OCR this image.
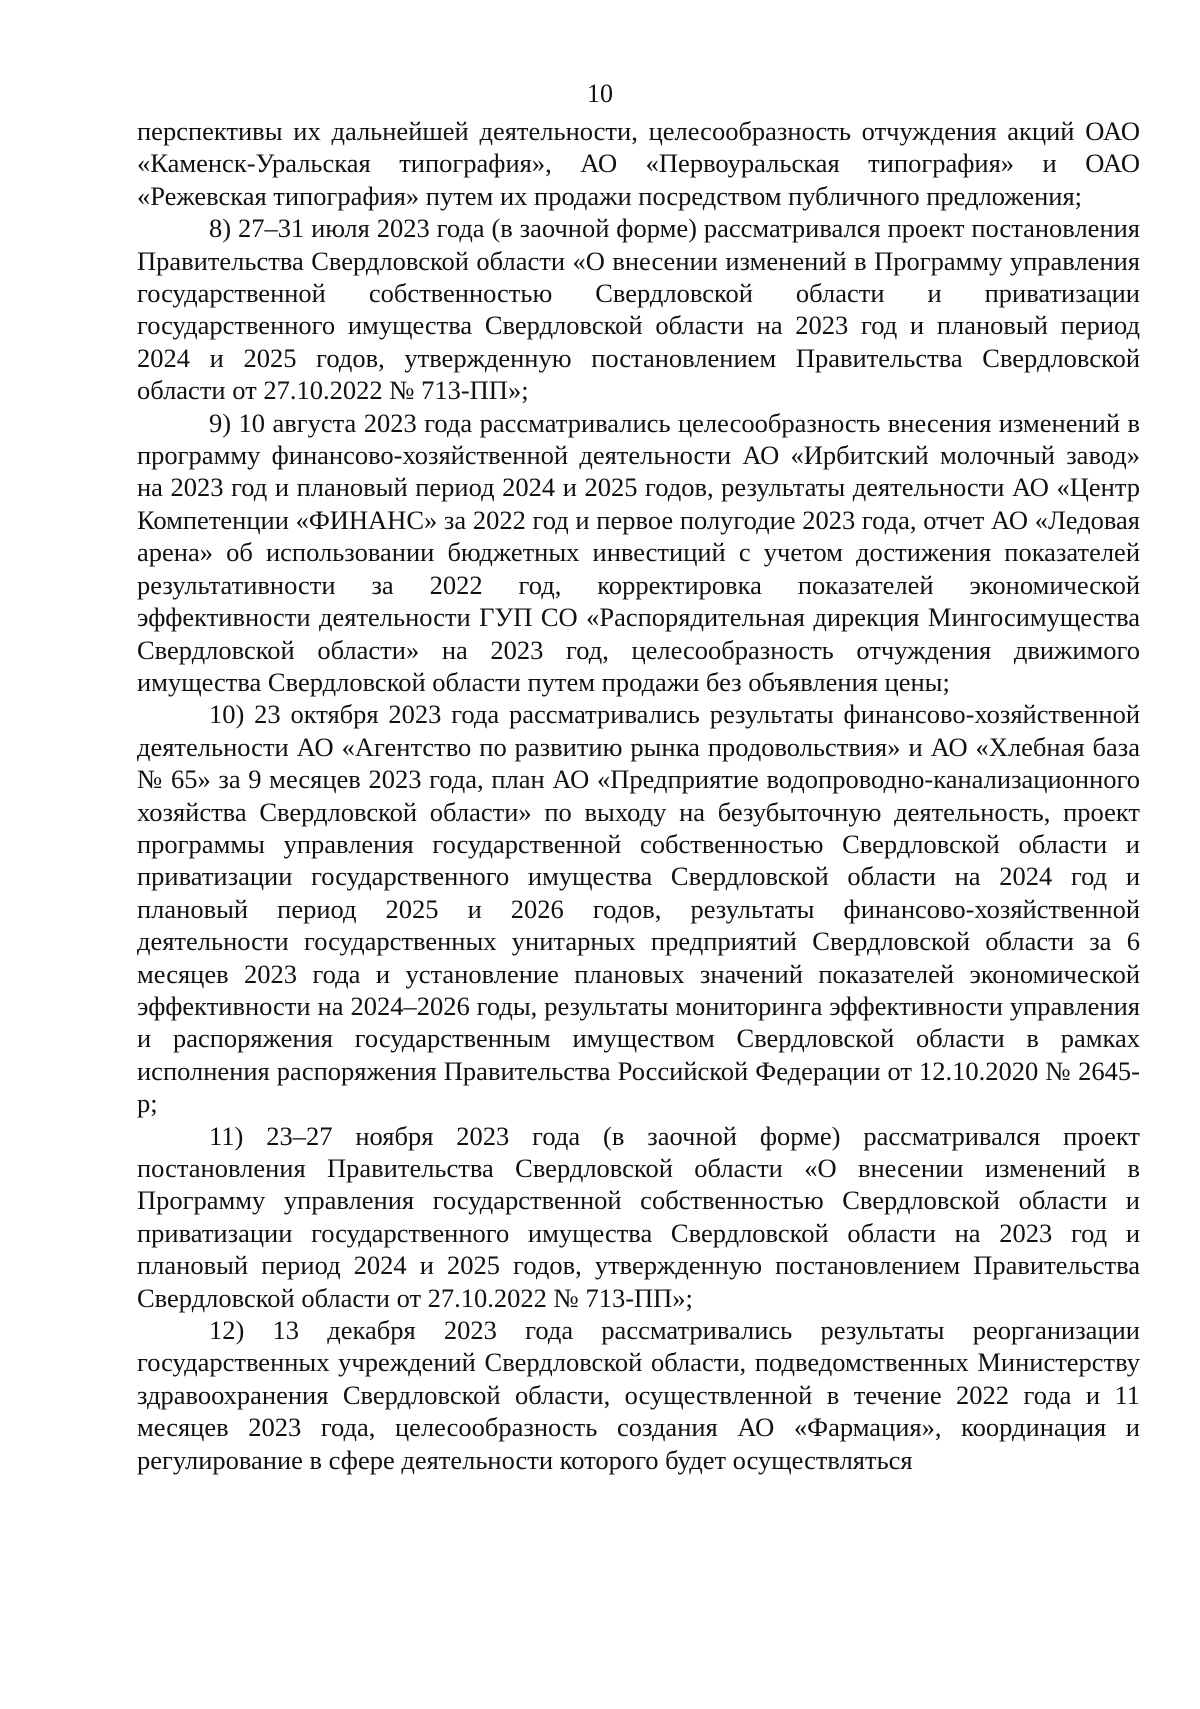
10

перспективы их дальнейшей деятельности, целесообразность отчуждения акций ОАО «Каменск-Уральская типография», АО «Первоуральская типография» и ОАО «Режевская типография» путем их продажи посредством публичного предложения;

8) 27–31 июля 2023 года (в заочной форме) рассматривался проект постановления Правительства Свердловской области «О внесении изменений в Программу управления государственной собственностью Свердловской области и приватизации государственного имущества Свердловской области на 2023 год и плановый период 2024 и 2025 годов, утвержденную постановлением Правительства Свердловской области от 27.10.2022 № 713-ПП»;

9) 10 августа 2023 года рассматривались целесообразность внесения изменений в программу финансово-хозяйственной деятельности АО «Ирбитский молочный завод» на 2023 год и плановый период 2024 и 2025 годов, результаты деятельности АО «Центр Компетенции «ФИНАНС» за 2022 год и первое полугодие 2023 года, отчет АО «Ледовая арена» об использовании бюджетных инвестиций с учетом достижения показателей результативности за 2022 год, корректировка показателей экономической эффективности деятельности ГУП СО «Распорядительная дирекция Мингосимущества Свердловской области» на 2023 год, целесообразность отчуждения движимого имущества Свердловской области путем продажи без объявления цены;

10) 23 октября 2023 года рассматривались результаты финансово-хозяйственной деятельности АО «Агентство по развитию рынка продовольствия» и АО «Хлебная база № 65» за 9 месяцев 2023 года, план АО «Предприятие водопроводно-канализационного хозяйства Свердловской области» по выходу на безубыточную деятельность, проект программы управления государственной собственностью Свердловской области и приватизации государственного имущества Свердловской области на 2024 год и плановый период 2025 и 2026 годов, результаты финансово-хозяйственной деятельности государственных унитарных предприятий Свердловской области за 6 месяцев 2023 года и установление плановых значений показателей экономической эффективности на 2024–2026 годы, результаты мониторинга эффективности управления и распоряжения государственным имуществом Свердловской области в рамках исполнения распоряжения Правительства Российской Федерации от 12.10.2020 № 2645-р;

11) 23–27 ноября 2023 года (в заочной форме) рассматривался проект постановления Правительства Свердловской области «О внесении изменений в Программу управления государственной собственностью Свердловской области и приватизации государственного имущества Свердловской области на 2023 год и плановый период 2024 и 2025 годов, утвержденную постановлением Правительства Свердловской области от 27.10.2022 № 713-ПП»;

12) 13 декабря 2023 года рассматривались результаты реорганизации государственных учреждений Свердловской области, подведомственных Министерству здравоохранения Свердловской области, осуществленной в течение 2022 года и 11 месяцев 2023 года, целесообразность создания АО «Фармация», координация и регулирование в сфере деятельности которого будет осуществляться
